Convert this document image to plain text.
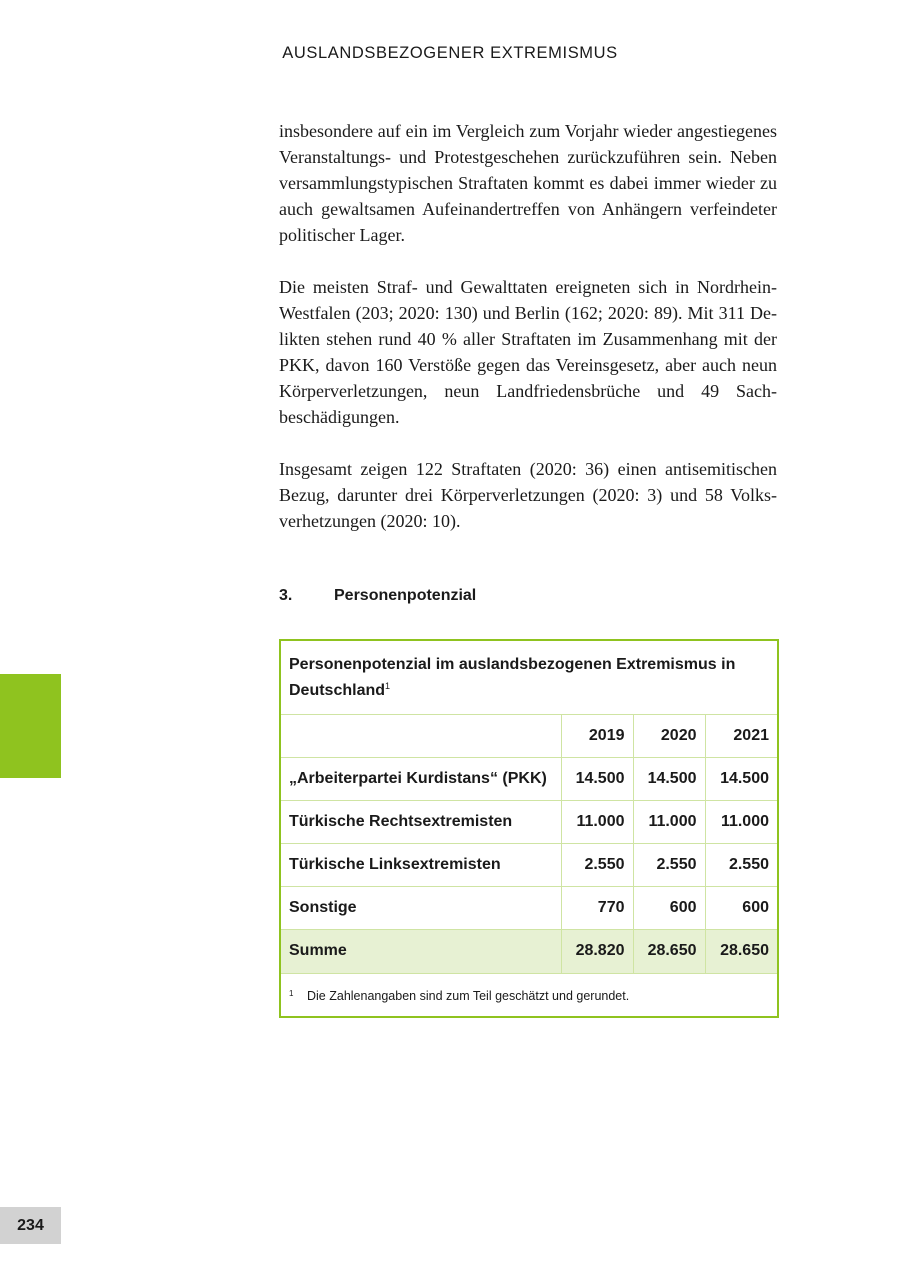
AUSLANDSBEZOGENER EXTREMISMUS

insbesondere auf ein im Vergleich zum Vorjahr wieder angestiegenes Veranstaltungs- und Protestgeschehen zurückzuführen sein. Neben versammlungstypischen Straftaten kommt es dabei immer wieder zu auch gewaltsamen Aufeinandertreffen von Anhängern verfeindeter politischer Lager.

Die meisten Straf- und Gewalttaten ereigneten sich in Nordrhein-Westfalen (203; 2020: 130) und Berlin (162; 2020: 89). Mit 311 Delikten stehen rund 40 % aller Straftaten im Zusammenhang mit der PKK, davon 160 Verstöße gegen das Vereinsgesetz, aber auch neun Körperverletzungen, neun Landfriedensbrüche und 49 Sachbeschädigungen.

Insgesamt zeigen 122 Straftaten (2020: 36) einen antisemitischen Bezug, darunter drei Körperverletzungen (2020: 3) und 58 Volksverhetzungen (2020: 10).

3.	Personenpotenzial
Personenpotenzial im auslandsbezogenen Extremismus in Deutschland$^1$
	2019	2020	2021
„Arbeiterpartei Kurdistans“ (PKK)	14.500	14.500	14.500
Türkische Rechtsextremisten	11.000	11.000	11.000
Türkische Linksextremisten	2.550	2.550	2.550
Sonstige	770	600	600
Summe	28.820	28.650	28.650
1 Die Zahlenangaben sind zum Teil geschätzt und gerundet.
234
